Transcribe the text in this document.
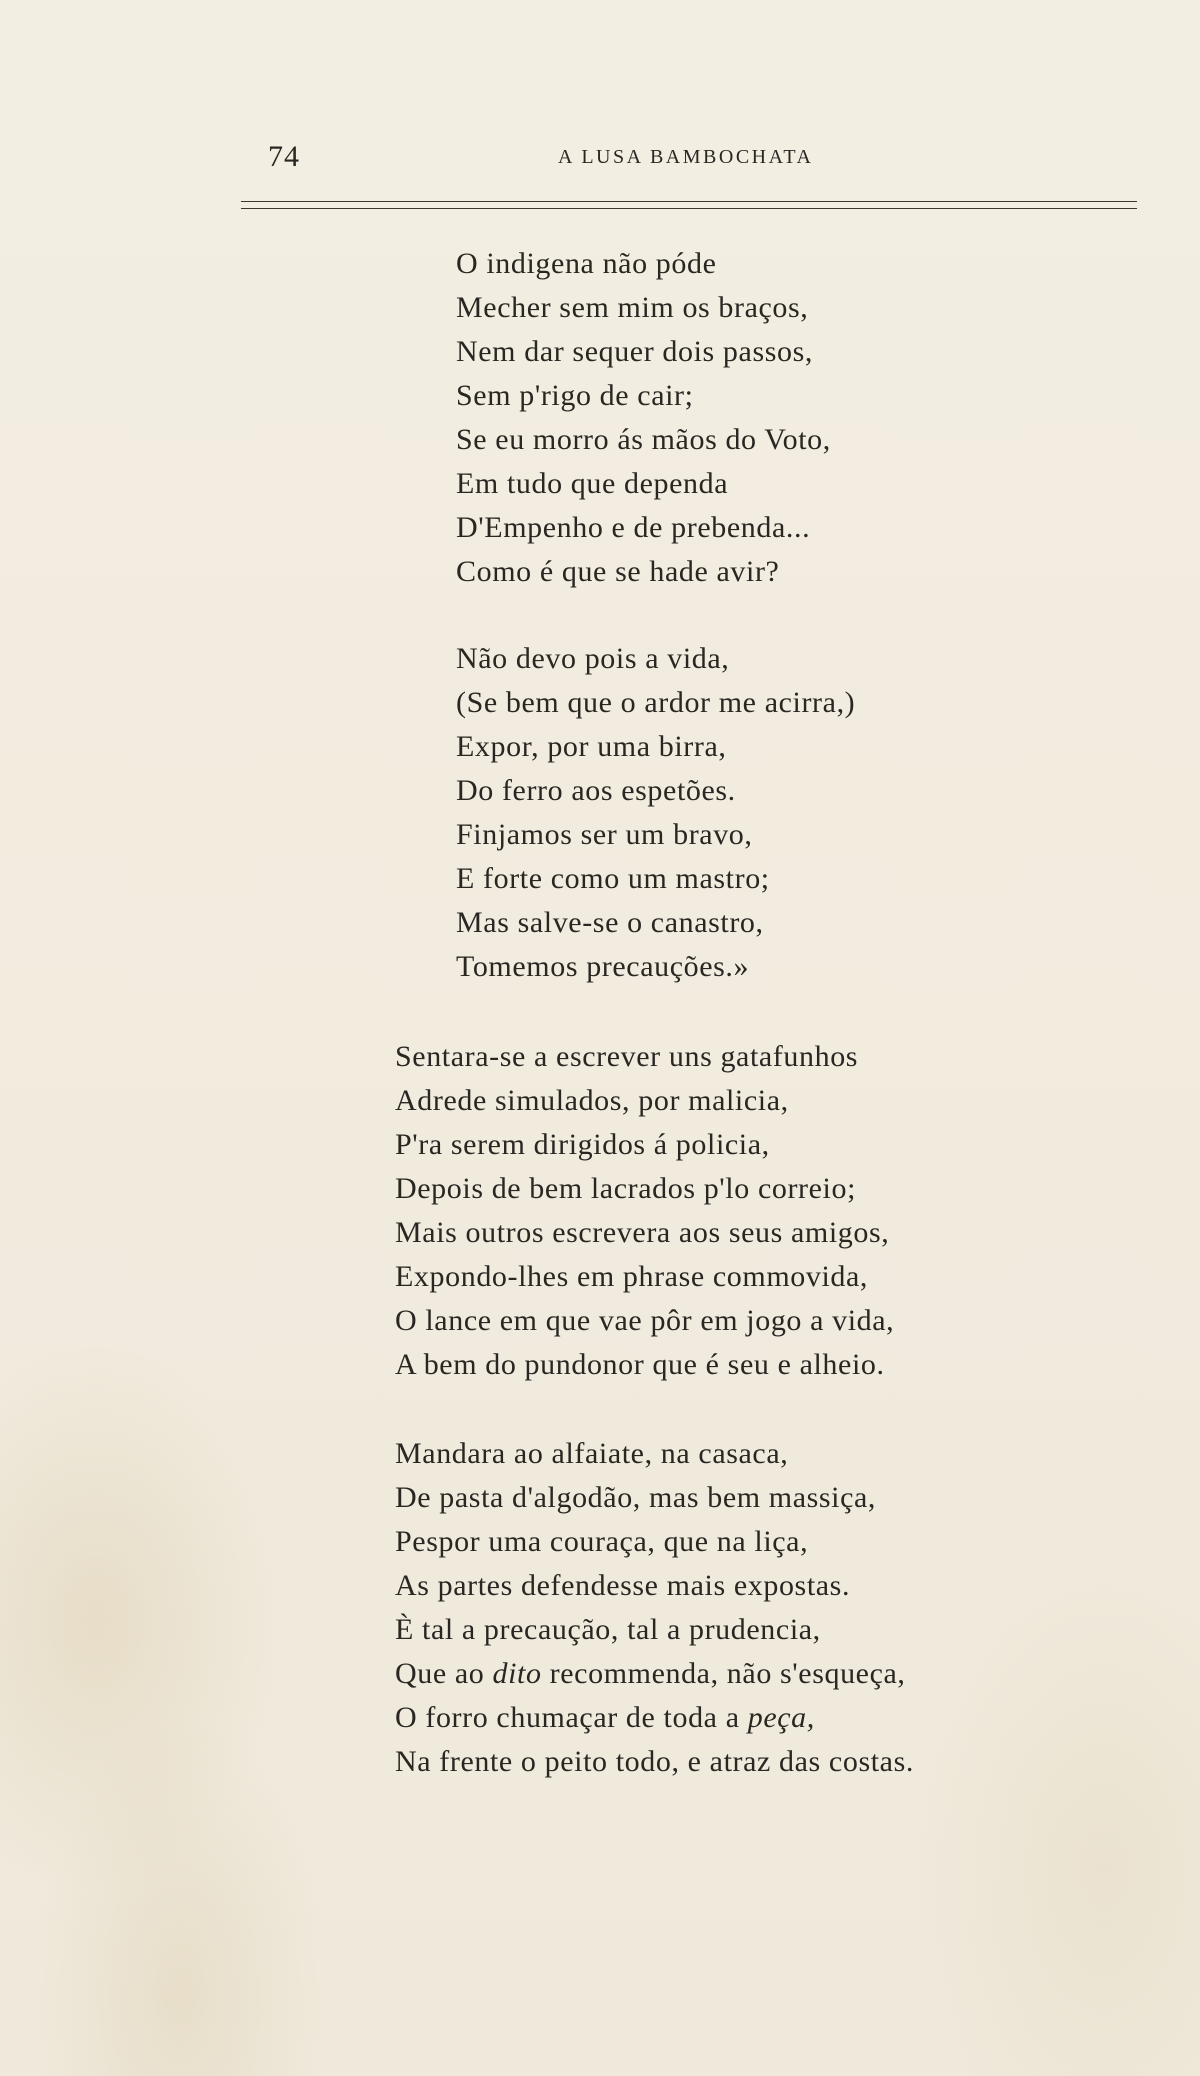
74	A LUSA BAMBOCHATA
O indigena não póde
Mecher sem mim os braços,
Nem dar sequer dois passos,
Sem p'rigo de cair;
Se eu morro ás mãos do Voto,
Em tudo que dependa
D'Empenho e de prebenda...
Como é que se hade avir?
Não devo pois a vida,
(Se bem que o ardor me acirra,)
Expor, por uma birra,
Do ferro aos espetões.
Finjamos ser um bravo,
E forte como um mastro;
Mas salve-se o canastro,
Tomemos precauções.»
Sentara-se a escrever uns gatafunhos
Adrede simulados, por malicia,
P'ra serem dirigidos á policia,
Depois de bem lacrados p'lo correio;
Mais outros escrevera aos seus amigos,
Expondo-lhes em phrase commovida,
O lance em que vae pôr em jogo a vida,
A bem do pundonor que é seu e alheio.
Mandara ao alfaiate, na casaca,
De pasta d'algodão, mas bem massiça,
Pespor uma couraça, que na liça,
As partes defendesse mais expostas.
È tal a precaução, tal a prudencia,
Que ao dito recommenda, não s'esqueça,
O forro chumaçar de toda a peça,
Na frente o peito todo, e atraz das costas.
